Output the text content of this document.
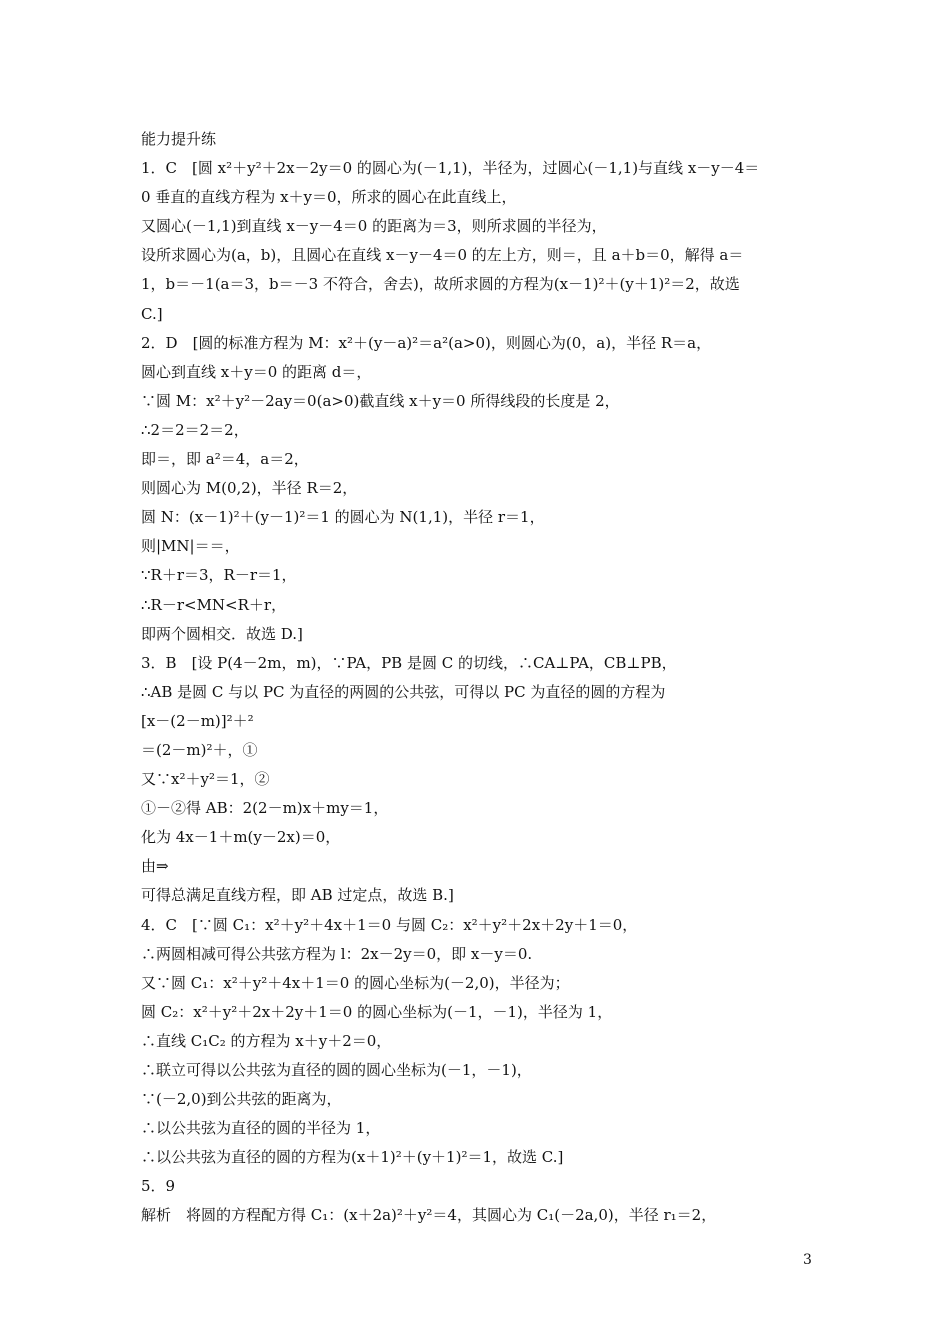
能力提升练
1．C　[圆 x²＋y²＋2x－2y＝0 的圆心为(－1,1)，半径为，过圆心(－1,1)与直线 x－y－4＝
0 垂直的直线方程为 x＋y＝0，所求的圆心在此直线上，
又圆心(－1,1)到直线 x－y－4＝0 的距离为＝3，则所求圆的半径为，
设所求圆心为(a，b)，且圆心在直线 x－y－4＝0 的左上方，则＝，且 a＋b＝0，解得 a＝
1，b＝－1(a＝3，b＝－3 不符合，舍去)，故所求圆的方程为(x－1)²＋(y＋1)²＝2，故选
C.]
2．D　[圆的标准方程为 M：x²＋(y－a)²＝a²(a>0)，则圆心为(0，a)，半径 R＝a，
圆心到直线 x＋y＝0 的距离 d＝，
∵圆 M：x²＋y²－2ay＝0(a>0)截直线 x＋y＝0 所得线段的长度是 2，
∴2＝2＝2＝2，
即＝，即 a²＝4，a＝2，
则圆心为 M(0,2)，半径 R＝2，
圆 N：(x－1)²＋(y－1)²＝1 的圆心为 N(1,1)，半径 r＝1，
则|MN|＝＝，
∵R＋r＝3，R－r＝1，
∴R－r<MN<R＋r，
即两个圆相交．故选 D.]
3．B　[设 P(4－2m，m)，∵PA，PB 是圆 C 的切线，∴CA⊥PA，CB⊥PB，
∴AB 是圆 C 与以 PC 为直径的两圆的公共弦，可得以 PC 为直径的圆的方程为
[x－(2－m)]²＋²
＝(2－m)²＋，①
又∵x²＋y²＝1，②
①－②得 AB：2(2－m)x＋my＝1，
化为 4x－1＋m(y－2x)＝0，
由⇒
可得总满足直线方程，即 AB 过定点，故选 B.]
4．C　[∵圆 C₁：x²＋y²＋4x＋1＝0 与圆 C₂：x²＋y²＋2x＋2y＋1＝0，
∴两圆相减可得公共弦方程为 l：2x－2y＝0，即 x－y＝0.
又∵圆 C₁：x²＋y²＋4x＋1＝0 的圆心坐标为(－2,0)，半径为；
圆 C₂：x²＋y²＋2x＋2y＋1＝0 的圆心坐标为(－1，－1)，半径为 1，
∴直线 C₁C₂ 的方程为 x＋y＋2＝0，
∴联立可得以公共弦为直径的圆的圆心坐标为(－1，－1)，
∵(－2,0)到公共弦的距离为，
∴以公共弦为直径的圆的半径为 1，
∴以公共弦为直径的圆的方程为(x＋1)²＋(y＋1)²＝1，故选 C.]
5．9
解析　将圆的方程配方得 C₁：(x＋2a)²＋y²＝4，其圆心为 C₁(－2a,0)，半径 r₁＝2，
3
